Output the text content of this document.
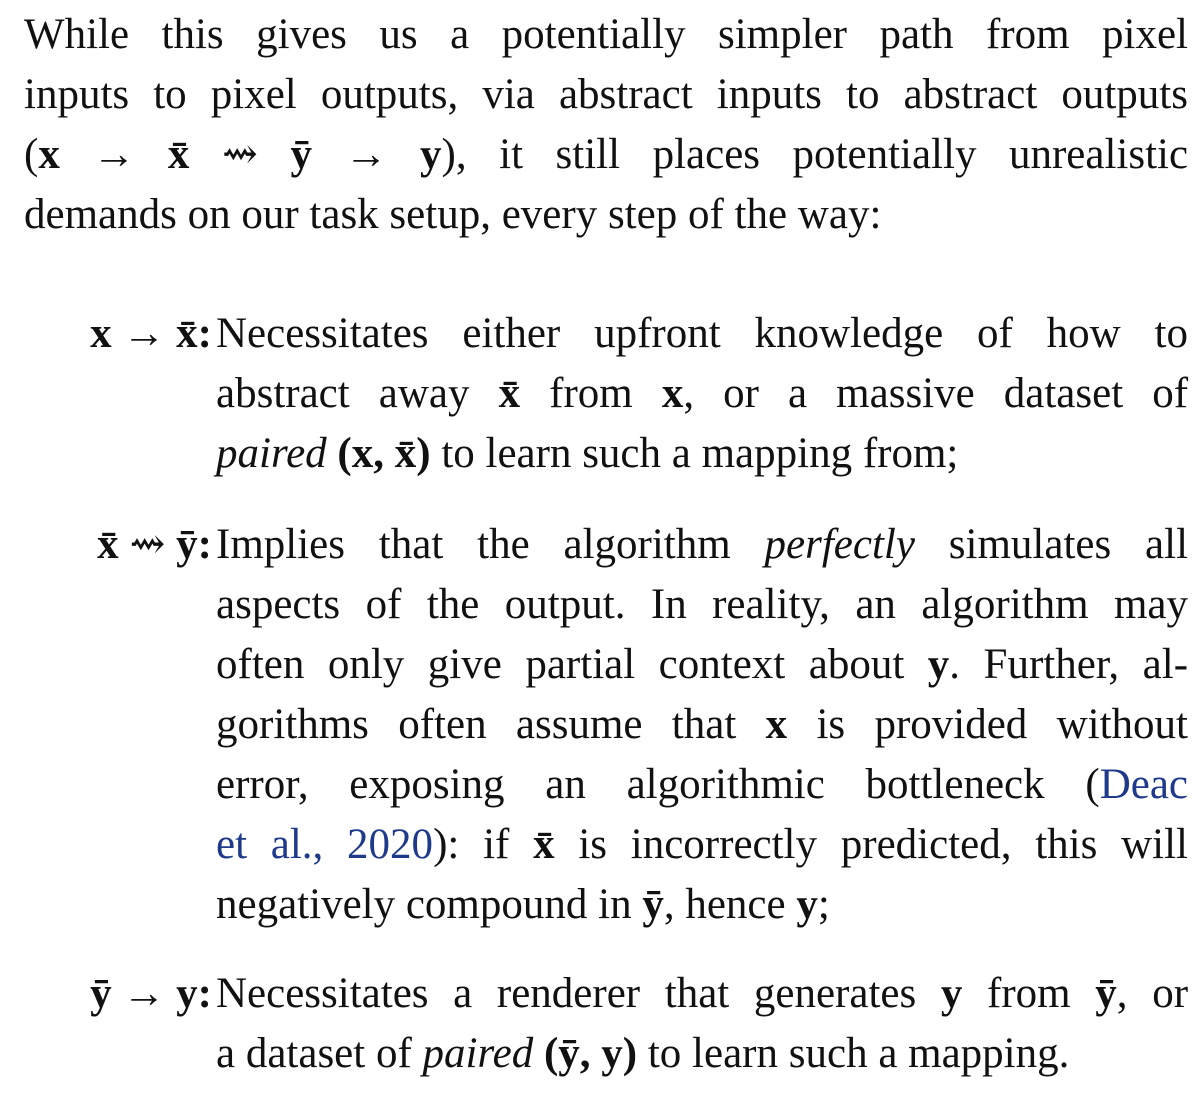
While this gives us a potentially simpler path from pixel
inputs to pixel outputs, via abstract inputs to abstract outputs
(x → x̄ ⇝ ȳ → y), it still places potentially unrealistic
demands on our task setup, every step of the way:
x → x̄: Necessitates either upfront knowledge of how to
abstract away x̄ from x, or a massive dataset of
paired (x, x̄) to learn such a mapping from;
x̄ ⇝ ȳ: Implies that the algorithm perfectly simulates all
aspects of the output. In reality, an algorithm may
often only give partial context about y. Further, al-
gorithms often assume that x is provided without
error, exposing an algorithmic bottleneck (Deac
et al., 2020): if x̄ is incorrectly predicted, this will
negatively compound in ȳ, hence y;
ȳ → y: Necessitates a renderer that generates y from ȳ, or
a dataset of paired (ȳ, y) to learn such a mapping.
